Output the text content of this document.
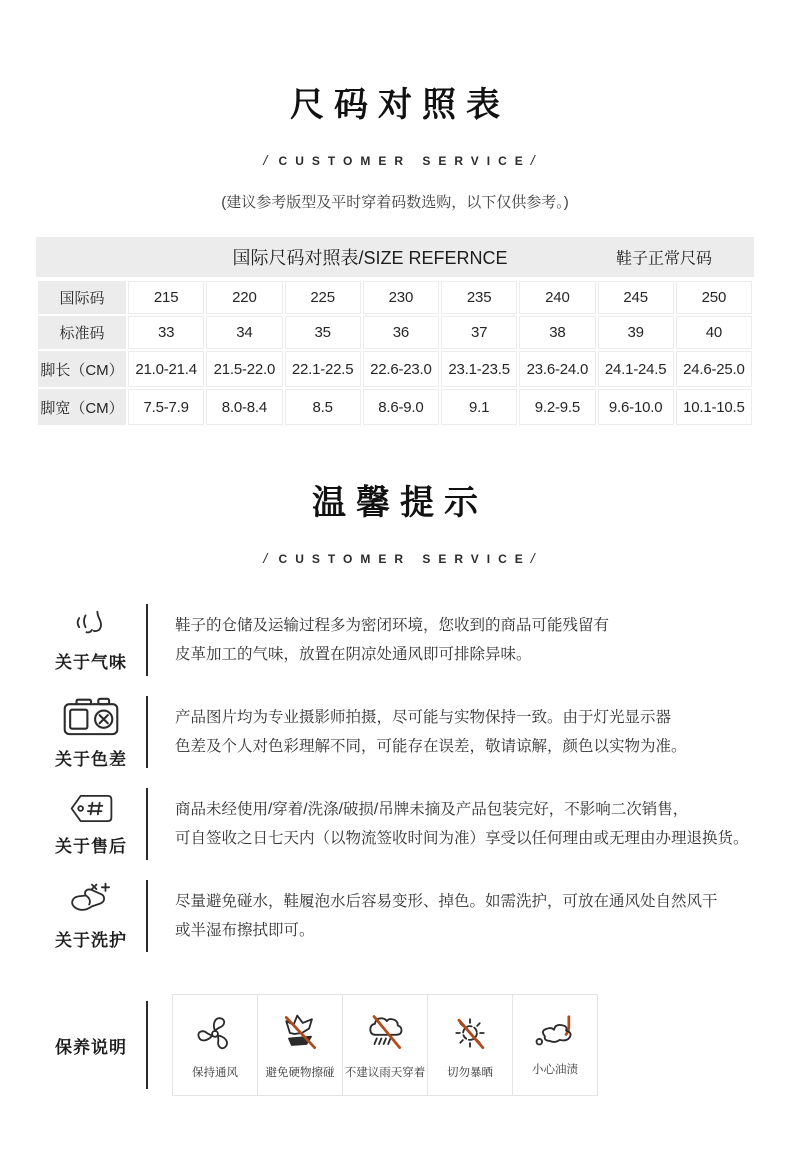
尺码对照表
/ CUSTOMER SERVICE/
(建议参考版型及平时穿着码数选购，以下仅供参考。)
国际尺码对照表/SIZE REFERNCE	鞋子正常尺码
国际码	215	220	225	230	235	240	245	250
标准码	33	34	35	36	37	38	39	40
脚长（CM）	21.0-21.4	21.5-22.0	22.1-22.5	22.6-23.0	23.1-23.5	23.6-24.0	24.1-24.5	24.6-25.0
脚宽（CM）	7.5-7.9	8.0-8.4	8.5	8.6-9.0	9.1	9.2-9.5	9.6-10.0	10.1-10.5
温馨提示
/ CUSTOMER SERVICE/
关于气味
鞋子的仓储及运输过程多为密闭环境，您收到的商品可能残留有
皮革加工的气味，放置在阴凉处通风即可排除异味。
关于色差
产品图片均为专业摄影师拍摄，尽可能与实物保持一致。由于灯光显示器
色差及个人对色彩理解不同，可能存在误差，敬请谅解，颜色以实物为准。
关于售后
商品未经使用/穿着/洗涤/破损/吊牌未摘及产品包装完好，不影响二次销售，
可自签收之日七天内（以物流签收时间为准）享受以任何理由或无理由办理退换货。
关于洗护
尽量避免碰水，鞋履泡水后容易变形、掉色。如需洗护，可放在通风处自然风干
或半湿布擦拭即可。
保养说明
保持通风 避免硬物擦碰 不建议雨天穿着 切勿暴晒	小心油渍
